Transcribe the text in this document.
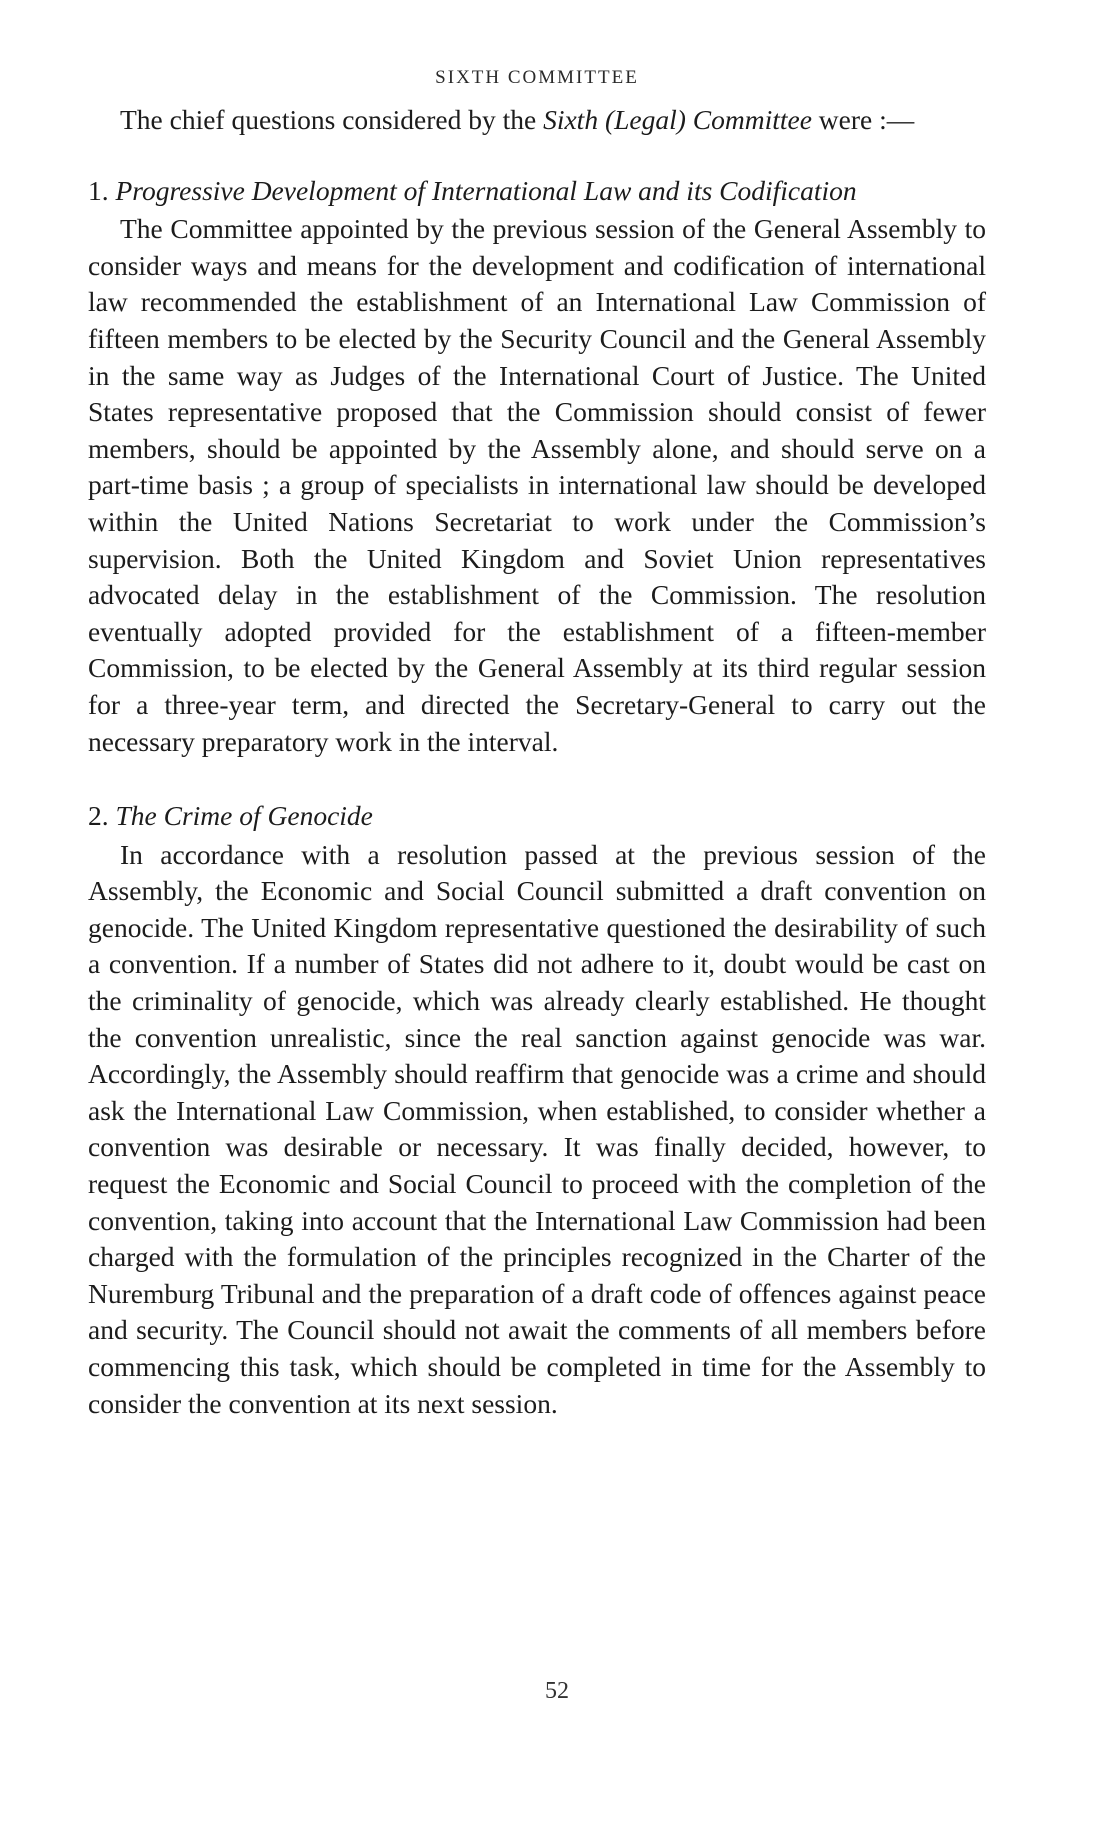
SIXTH COMMITTEE

The chief questions considered by the Sixth (Legal) Committee were :—

1. Progressive Development of International Law and its Codification

The Committee appointed by the previous session of the General Assembly to consider ways and means for the development and codification of international law recommended the establishment of an International Law Commission of fifteen members to be elected by the Security Council and the General Assembly in the same way as Judges of the International Court of Justice. The United States representative proposed that the Commission should consist of fewer members, should be appointed by the Assembly alone, and should serve on a part-time basis ; a group of specialists in international law should be developed within the United Nations Secretariat to work under the Commission’s supervision. Both the United Kingdom and Soviet Union representatives advocated delay in the establishment of the Commission. The resolution eventually adopted provided for the establishment of a fifteen-member Commission, to be elected by the General Assembly at its third regular session for a three-year term, and directed the Secretary-General to carry out the necessary preparatory work in the interval.

2. The Crime of Genocide

In accordance with a resolution passed at the previous session of the Assembly, the Economic and Social Council submitted a draft convention on genocide. The United Kingdom representative questioned the desirability of such a convention. If a number of States did not adhere to it, doubt would be cast on the criminality of genocide, which was already clearly established. He thought the convention unrealistic, since the real sanction against genocide was war. Accordingly, the Assembly should reaffirm that genocide was a crime and should ask the International Law Commission, when established, to consider whether a convention was desirable or necessary. It was finally decided, however, to request the Economic and Social Council to proceed with the completion of the convention, taking into account that the International Law Commission had been charged with the formulation of the principles recognized in the Charter of the Nuremburg Tribunal and the preparation of a draft code of offences against peace and security. The Council should not await the comments of all members before commencing this task, which should be completed in time for the Assembly to consider the convention at its next session.

52
